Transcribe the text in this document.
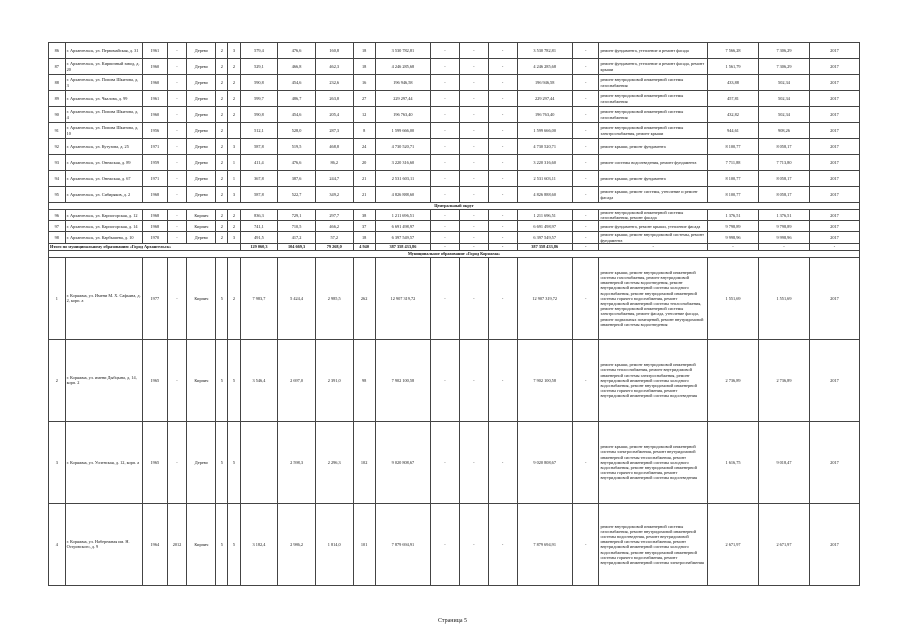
86	г. Архангельск, ул. Первомайская, д. 31	1961	-	Дерево	2	3	579,4	476,6	160,8	18	3 530 782,81	-	-	-	3 530 782,81	-	ремонт фундамента, утепление и ремонт фасада	7 566,28	7 306,29	2017
87	г. Архангельск, ул. Кирпичный завод, д. 20	1960	-	Дерево	2	2	529,1	466,8	462,3	18	4 246 285,68	-	-	-	4 246 285,68	-	ремонт фундамента, утепление и ремонт фасада, ремонт крыши	1 561,79	7 306,29	2017
88	г. Архангельск, ул. Попова Шкитова, д. 3	1960	-	Дерево	2	2	590,8	454,6	232,6	16	196 946,58	-	-	-	196 946,58	-	ремонт внутридомовой инженерной системы газоснабжения	433,88	502,34	2017
89	г. Архангельск, ул. Чкалова, д. 99	1961	-	Дерево	2	2	599,7	486,7	263,8	27	229 297,44	-	-	-	229 297,44	-	ремонт внутридомовой инженерной системы газоснабжения	457,81	502,34	2017
90	г. Архангельск, ул. Попова Шкитова, д. 4	1960	-	Дерево	2	2	590,8	454,6	205,4	12	196 763,40	-	-	-	196 763,40	-	ремонт внутридомовой инженерной системы газоснабжения	432,82	502,34	2017
91	г. Архангельск, ул. Попова Шкитова, д. 10	1956	-	Дерево	2		512,1	528,0	287,3	8	1 599 666,00	-	-	-	1 599 666,00	-	ремонт внутридомовой инженерной системы электроснабжения, ремонт крыши	944,61	908,26	2017
92	г. Архангельск, ул. Кутузова, д. 25	1971	-	Дерево	2	3	587,8	519,5	468,8	24	4 730 520,71	-	-	-	4 730 520,71	-	ремонт крыши, ремонт фундамента	8 100,77	8 058,17	2017
93	г. Архангельск, ул. Онежская, д. 89	1959	-	Дерево	2	1	411,4	476,6	86,2	20	3 220 316,60	-	-	-	3 220 316,60	-	ремонт системы водоотведения, ремонт фундамента	7 711,88	7 713,80	2017
94	г. Архангельск, ул. Онежская, д. 67	1971	-	Дерево	2	1	367,8	387,6	244,7	21	2 531 603,11	-	-	-	2 531 603,11	-	ремонт крыши, ремонт фундамента	8 100,77	8 058,17	2017
95	г. Архангельск, ул. Сибиряков, д. 2	1968	-	Дерево	2	3	587,8	522,7	349,2	21	4 826 888,60	-	-	-	4 826 888,60	-	ремонт крыши, ремонт системы, утепление и ремонт фасада	8 100,77	8 058,17	2017
Центральный округ																				
96	г. Архангельск, ул. Карпогорская, д. 12	1968	-	Кирпич	2	2	836,3	729,1	297,7	38	1 211 696,51	-	-	-	1 211 696,51	-	ремонт внутридомовой инженерной системы газоснабжения, ремонт фасада	1 376,51	1 376,51	2017
97	г. Архангельск, ул. Карпогорская, д. 14	1968	-	Кирпич	2	2	741,1	710,5	466,2	37	6 691 498,97	-	-	-	6 691 498,97	-	ремонт фундамента, ремонт крыши, утепление фасада	9 798,89	9 798,89	2017
98	г. Архангельск, ул. Карбышева, д. 10	1970	-	Дерево	2	3	491,5	417,2	57,2	18	6 397 549,57	-	-	-	6 397 549,57	-	ремонт крыши, ремонт внутридомовой системы, ремонт фундамента	9 998,96	9 998,96	2017
Итого по муниципальному образованию «Город Архангельск»							129 060,3	104 669,3	79 268,0	4 940	387 358 433,86	-	-	-	387 358 433,86	-	-	-	-	-
Муниципальное образование «Город Коряжма»																				
1	г. Коряжма, ул. Имени М. Х. Сафьяна, д. 2, корп. а	1977	-	Кирпич	5	2	7 983,7	5 424,4	2 985,5	262	12 907 319,72	-	-	-	12 907 319,72	-	ремонт крыши, ремонт внутридомовой инженерной системы газоснабжения, ремонт внутридомовой инженерной системы водоотведения, ремонт внутридомовой инженерной системы холодного водоснабжения, ремонт внутридомовой инженерной системы горячего водоснабжения, ремонт внутридомовой инженерной системы теплоснабжения, ремонт внутридомовой инженерной системы электроснабжения, ремонт фасада, утепление фасада, ремонт подвальных помещений, ремонт внутридомовой инженерной системы водоотведения	1 551,69	1 551,69	2017
2	г. Коряжма, ул. имени Дыбцына, д. 14, корп. 2	1965	-	Кирпич	5	5	3 546,4	2 697,0	2 391,0	98	7 902 100,58	-	-	-	7 902 100,58	-	ремонт крыши, ремонт внутридомовой инженерной системы теплоснабжения, ремонт внутридомовой инженерной системы электроснабжения, ремонт внутридомовой инженерной системы холодного водоснабжения, ремонт внутридомовой инженерной системы горячего водоснабжения, ремонт внутридомовой инженерной системы водоотведения	2 736,89	2 736,89	2017
3	г. Коряжма, ул. Успенская, д. 12, корп. а	1965	-	Дерево	5	5		2 598,3	2 296,3	102	9 020 808,67	-	-	-	9 020 808,67	-	ремонт крыши, ремонт внутридомовой инженерной системы электроснабжения, ремонт внутридомовой инженерной системы теплоснабжения, ремонт внутридомовой инженерной системы холодного водоснабжения, ремонт внутридомовой инженерной системы горячего водоснабжения, ремонт внутридомовой инженерной системы водоотведения	1 616,75	9 018,47	2017
4	г. Коряжма, ул. Набережная им. Н. Островского, д. 9	1964	2012	Кирпич	5	5	3 182,4	2 986,2	1 814,0	101	7 879 694,91	-	-	-	7 879 694,91	-	ремонт внутридомовой инженерной системы газоснабжения, ремонт внутридомовой инженерной системы водоотведения, ремонт внутридомовой инженерной системы теплоснабжения, ремонт внутридомовой инженерной системы холодного водоснабжения, ремонт внутридомовой инженерной системы горячего водоснабжения, ремонт внутридомовой инженерной системы электроснабжения	2 671,97	2 671,97	2017
Страница 5
